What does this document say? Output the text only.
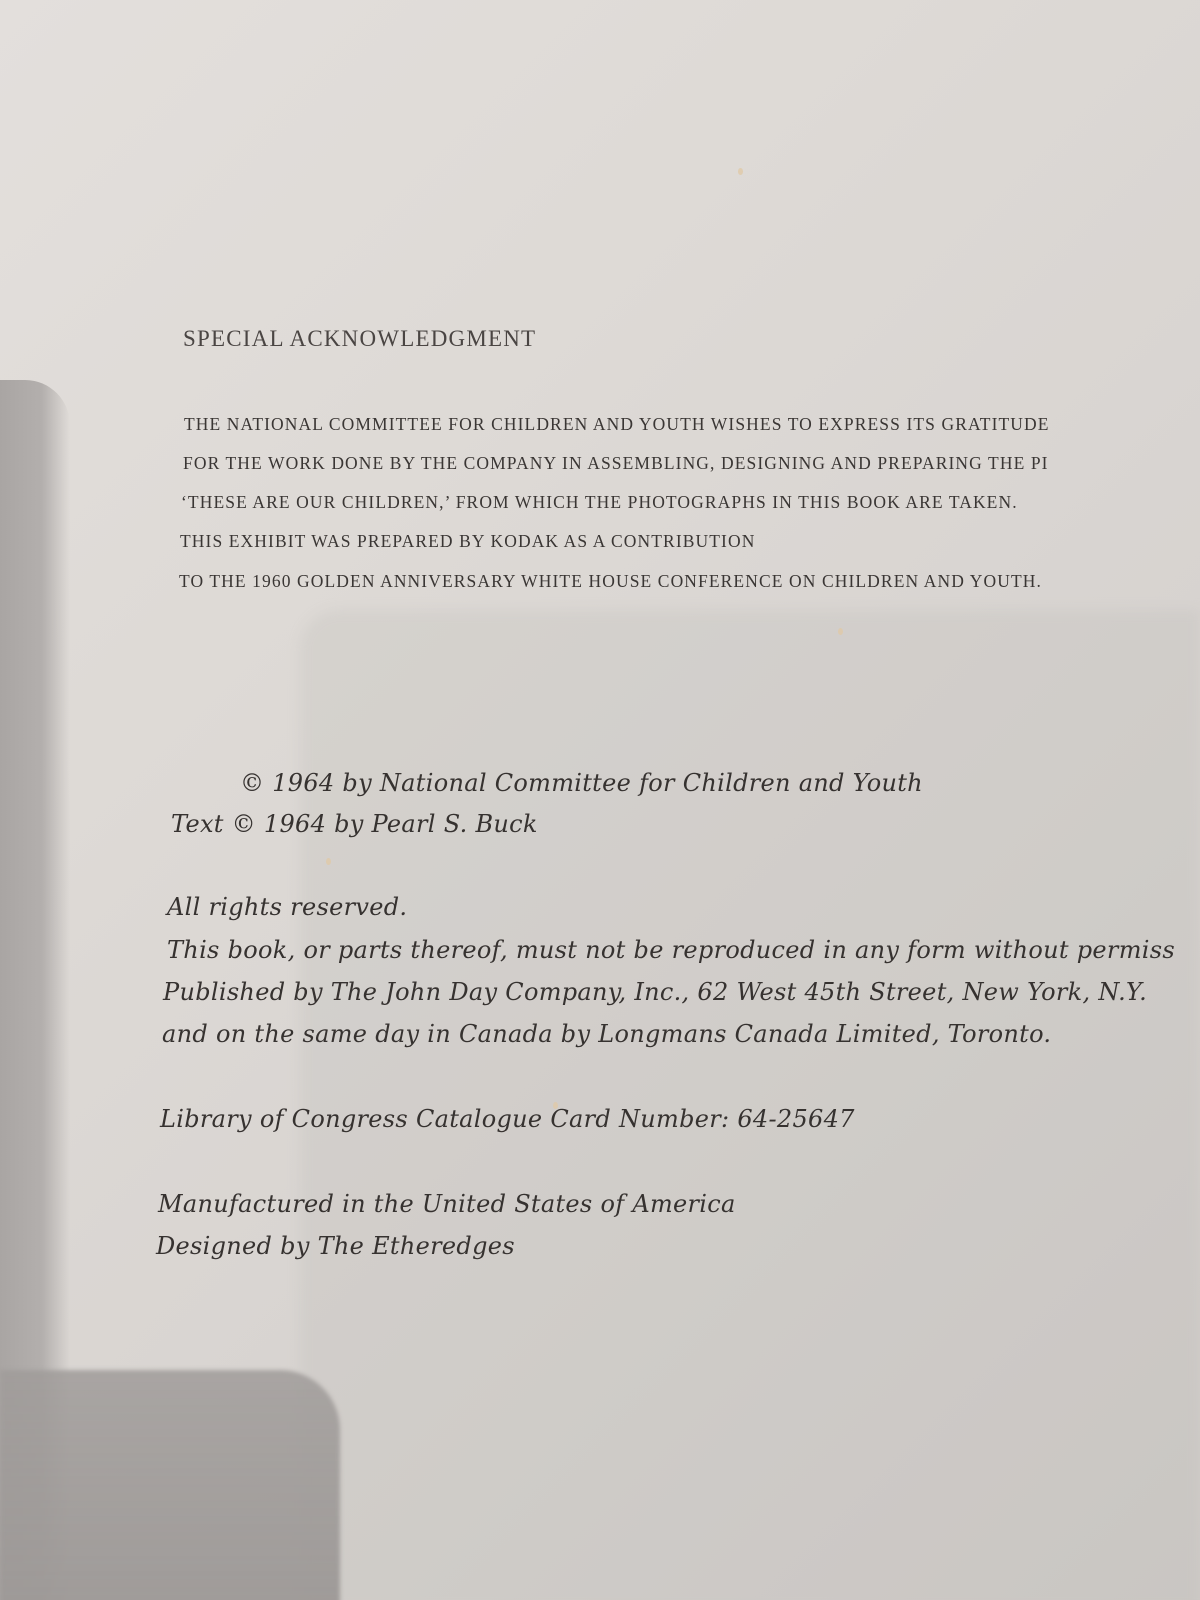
SPECIAL ACKNOWLEDGMENT

THE NATIONAL COMMITTEE FOR CHILDREN AND YOUTH WISHES TO EXPRESS ITS GRATITUDE

FOR THE WORK DONE BY THE COMPANY IN ASSEMBLING, DESIGNING AND PREPARING THE PI

‘THESE ARE OUR CHILDREN,’ FROM WHICH THE PHOTOGRAPHS IN THIS BOOK ARE TAKEN.

THIS EXHIBIT WAS PREPARED BY KODAK AS A CONTRIBUTION

TO THE 1960 GOLDEN ANNIVERSARY WHITE HOUSE CONFERENCE ON CHILDREN AND YOUTH.

© 1964 by National Committee for Children and Youth

Text © 1964 by Pearl S. Buck

All rights reserved.

This book, or parts thereof, must not be reproduced in any form without permiss

Published by The John Day Company, Inc., 62 West 45th Street, New York, N.Y.

and on the same day in Canada by Longmans Canada Limited, Toronto.

Library of Congress Catalogue Card Number: 64-25647

Manufactured in the United States of America

Designed by The Etheredges
